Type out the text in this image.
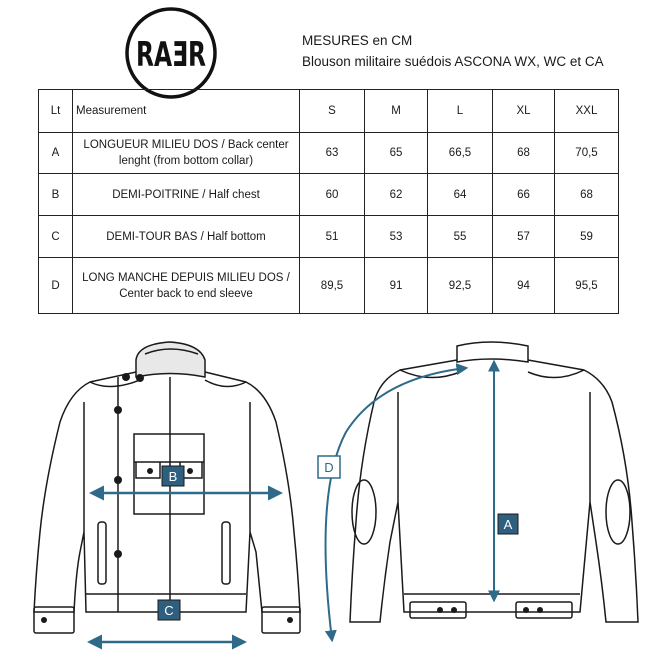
RAƎR	MESURES en CM
Blouson militaire suédois ASCONA WX, WC et CA
Lt	Measurement	S	M	L	XL	XXL
A	LONGUEUR MILIEU DOS / Back center
lenght (from bottom collar)	63	65	66,5	68	70,5
B	DEMI-POITRINE / Half chest	60	62	64	66	68
C	DEMI-TOUR BAS / Half bottom	51	53	55	57	59
D	LONG MANCHE DEPUIS MILIEU DOS /
Center back to end sleeve	89,5	91	92,5	94	95,5
B
C
A
D
